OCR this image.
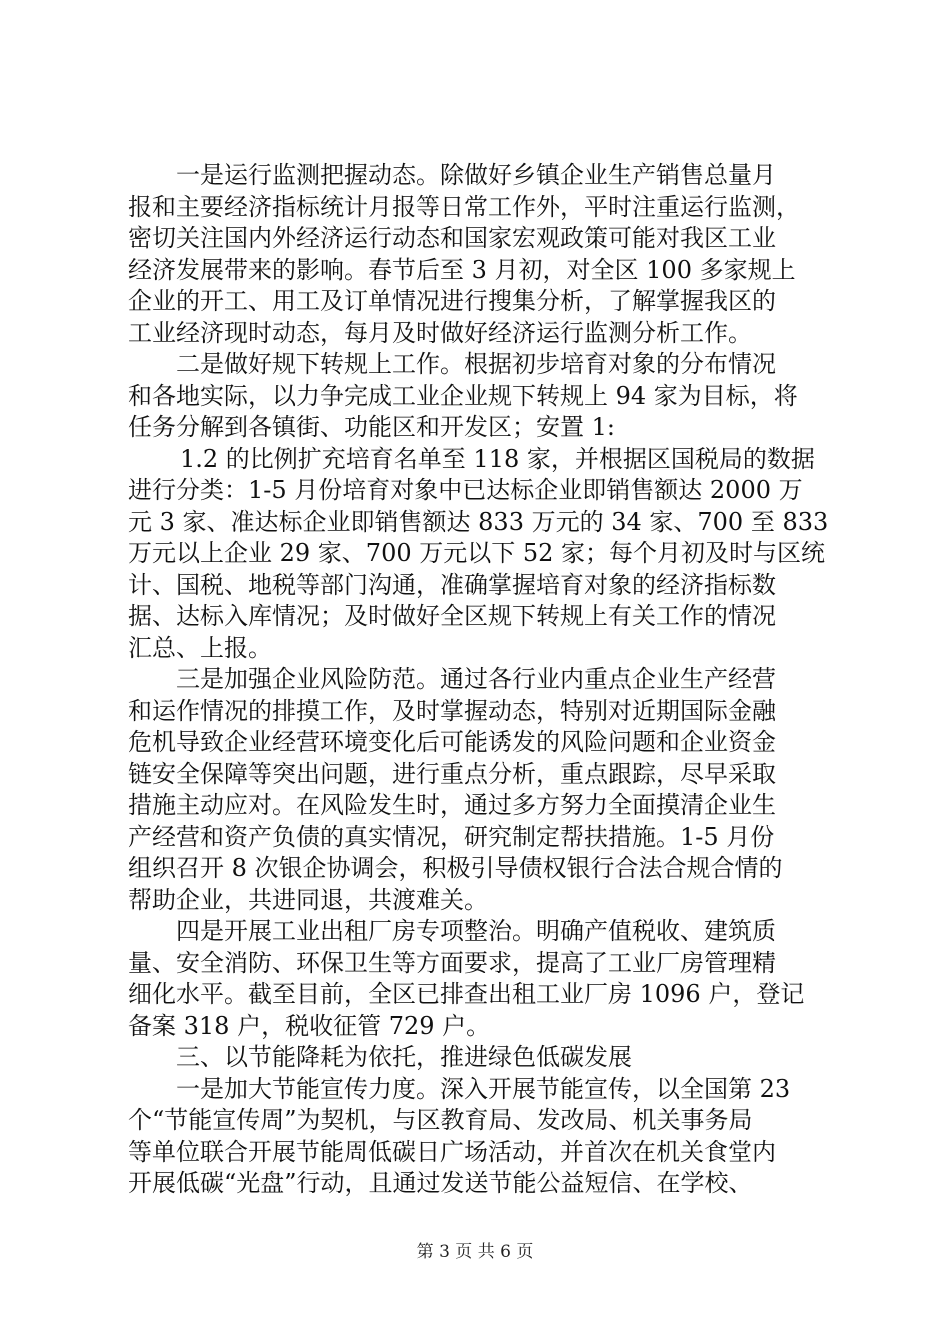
一是运行监测把握动态。除做好乡镇企业生产销售总量月
报和主要经济指标统计月报等日常工作外，平时注重运行监测，
密切关注国内外经济运行动态和国家宏观政策可能对我区工业
经济发展带来的影响。春节后至 3 月初，对全区 100 多家规上
企业的开工、用工及订单情况进行搜集分析，了解掌握我区的
工业经济现时动态，每月及时做好经济运行监测分析工作。
二是做好规下转规上工作。根据初步培育对象的分布情况
和各地实际，以力争完成工业企业规下转规上 94 家为目标，将
任务分解到各镇街、功能区和开发区；安置 1:
1.2 的比例扩充培育名单至 118 家，并根据区国税局的数据
进行分类：1-5 月份培育对象中已达标企业即销售额达 2000 万
元 3 家、准达标企业即销售额达 833 万元的 34 家、700 至 833
万元以上企业 29 家、700 万元以下 52 家；每个月初及时与区统
计、国税、地税等部门沟通，准确掌握培育对象的经济指标数
据、达标入库情况；及时做好全区规下转规上有关工作的情况
汇总、上报。
三是加强企业风险防范。通过各行业内重点企业生产经营
和运作情况的排摸工作，及时掌握动态，特别对近期国际金融
危机导致企业经营环境变化后可能诱发的风险问题和企业资金
链安全保障等突出问题，进行重点分析，重点跟踪，尽早采取
措施主动应对。在风险发生时，通过多方努力全面摸清企业生
产经营和资产负债的真实情况，研究制定帮扶措施。1-5 月份
组织召开 8 次银企协调会，积极引导债权银行合法合规合情的
帮助企业，共进同退，共渡难关。
四是开展工业出租厂房专项整治。明确产值税收、建筑质
量、安全消防、环保卫生等方面要求，提高了工业厂房管理精
细化水平。截至目前，全区已排查出租工业厂房 1096 户，登记
备案 318 户，税收征管 729 户。
三、以节能降耗为依托，推进绿色低碳发展
一是加大节能宣传力度。深入开展节能宣传，以全国第 23
个“节能宣传周”为契机，与区教育局、发改局、机关事务局
等单位联合开展节能周低碳日广场活动，并首次在机关食堂内
开展低碳“光盘”行动，且通过发送节能公益短信、在学校、
第 3 页 共 6 页
